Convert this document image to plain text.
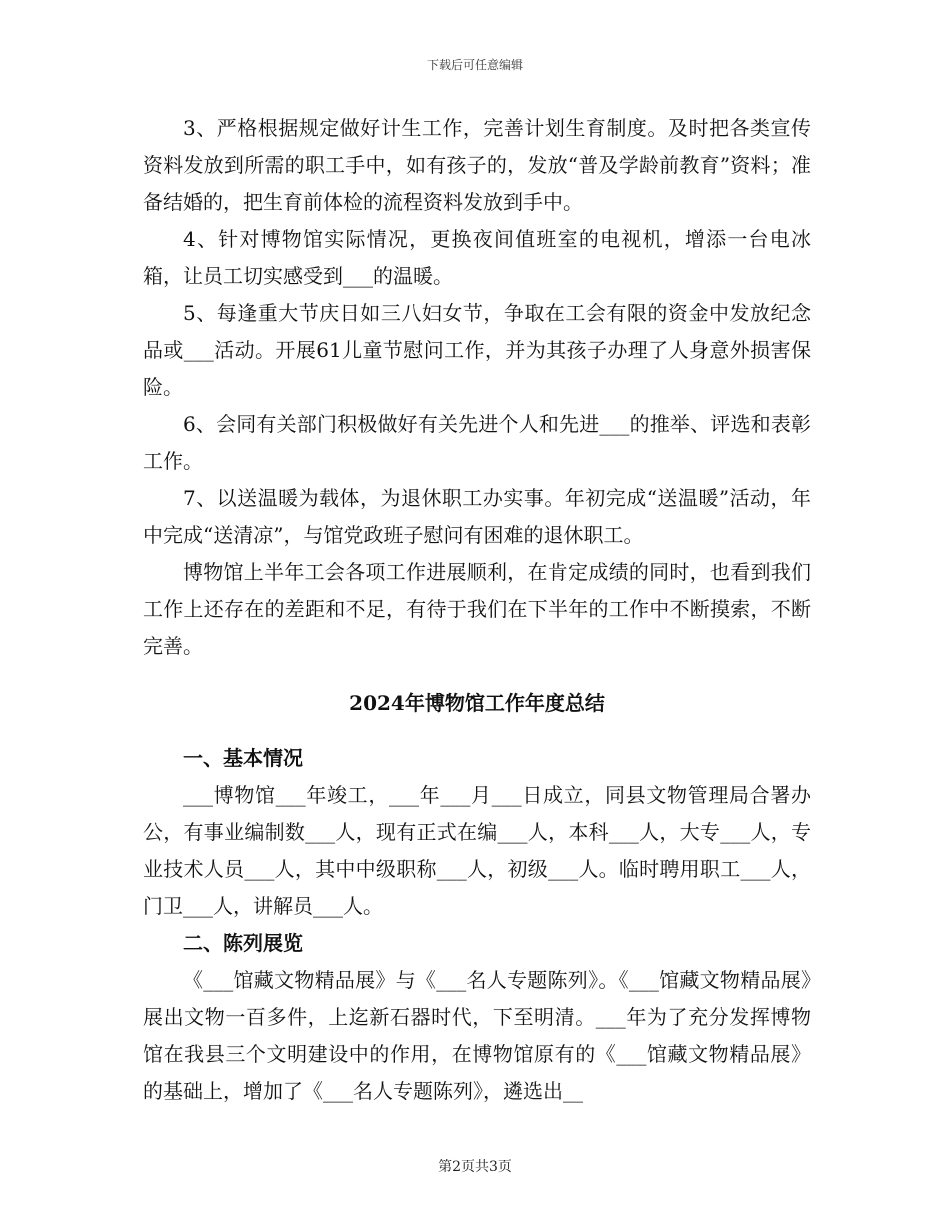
下载后可任意编辑

3、严格根据规定做好计生工作，完善计划生育制度。及时把各类宣传资料发放到所需的职工手中，如有孩子的，发放“普及学龄前教育”资料；准备结婚的，把生育前体检的流程资料发放到手中。

4、针对博物馆实际情况，更换夜间值班室的电视机，增添一台电冰箱，让员工切实感受到___的温暖。

5、每逢重大节庆日如三八妇女节，争取在工会有限的资金中发放纪念品或___活动。开展61儿童节慰问工作，并为其孩子办理了人身意外损害保险。

6、会同有关部门积极做好有关先进个人和先进___的推举、评选和表彰工作。

7、以送温暖为载体，为退休职工办实事。年初完成“送温暖”活动，年中完成“送清凉”，与馆党政班子慰问有困难的退休职工。

博物馆上半年工会各项工作进展顺利，在肯定成绩的同时，也看到我们工作上还存在的差距和不足，有待于我们在下半年的工作中不断摸索，不断完善。

2024年博物馆工作年度总结

一、基本情况

___博物馆___年竣工，___年___月___日成立，同县文物管理局合署办公，有事业编制数___人，现有正式在编___人，本科___人，大专___人，专业技术人员___人，其中中级职称___人，初级___人。临时聘用职工___人，门卫___人，讲解员___人。

二、陈列展览

《___馆藏文物精品展》与《___名人专题陈列》。《___馆藏文物精品展》展出文物一百多件，上迄新石器时代，下至明清。___年为了充分发挥博物馆在我县三个文明建设中的作用，在博物馆原有的《___馆藏文物精品展》的基础上，增加了《___名人专题陈列》，遴选出__

第2页共3页
